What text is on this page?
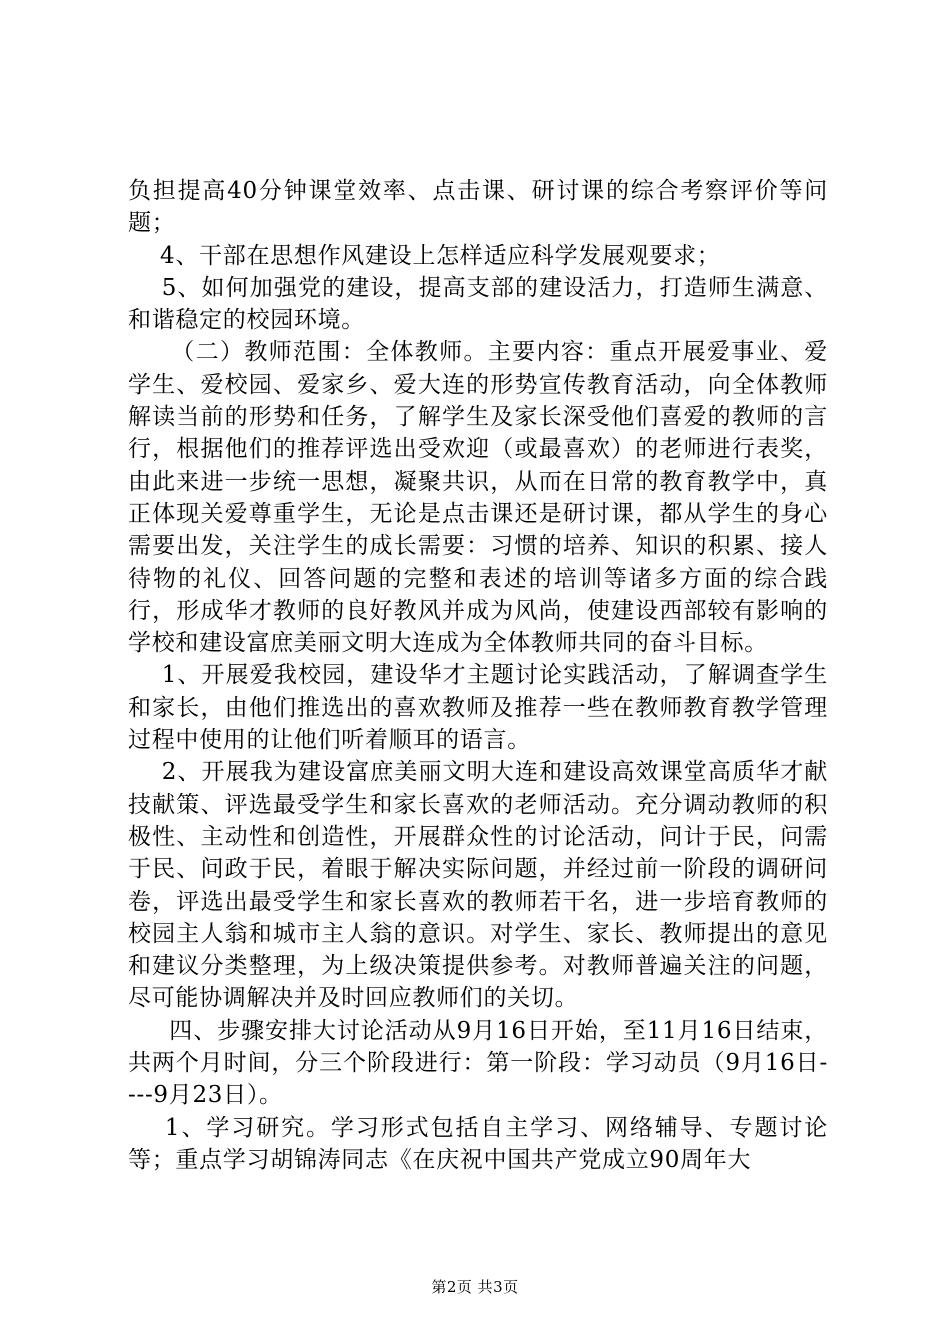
负担提高40分钟课堂效率、点击课、研讨课的综合考察评价等问题；

4、干部在思想作风建设上怎样适应科学发展观要求；

5、如何加强党的建设，提高支部的建设活力，打造师生满意、和谐稳定的校园环境。

（二）教师范围：全体教师。主要内容：重点开展爱事业、爱学生、爱校园、爱家乡、爱大连的形势宣传教育活动，向全体教师解读当前的形势和任务，了解学生及家长深受他们喜爱的教师的言行，根据他们的推荐评选出受欢迎（或最喜欢）的老师进行表奖，由此来进一步统一思想，凝聚共识，从而在日常的教育教学中，真正体现关爱尊重学生，无论是点击课还是研讨课，都从学生的身心需要出发，关注学生的成长需要：习惯的培养、知识的积累、接人待物的礼仪、回答问题的完整和表述的培训等诸多方面的综合践行，形成华才教师的良好教风并成为风尚，使建设西部较有影响的学校和建设富庶美丽文明大连成为全体教师共同的奋斗目标。

1、开展爱我校园，建设华才主题讨论实践活动，了解调查学生和家长，由他们推选出的喜欢教师及推荐一些在教师教育教学管理过程中使用的让他们听着顺耳的语言。

2、开展我为建设富庶美丽文明大连和建设高效课堂高质华才献技献策、评选最受学生和家长喜欢的老师活动。充分调动教师的积极性、主动性和创造性，开展群众性的讨论活动，问计于民，问需于民、问政于民，着眼于解决实际问题，并经过前一阶段的调研问卷，评选出最受学生和家长喜欢的教师若干名，进一步培育教师的校园主人翁和城市主人翁的意识。对学生、家长、教师提出的意见和建议分类整理，为上级决策提供参考。对教师普遍关注的问题，尽可能协调解决并及时回应教师们的关切。

四、步骤安排大讨论活动从9月16日开始，至11月16日结束，共两个月时间，分三个阶段进行：第一阶段：学习动员（9月16日----9月23日）。

1、学习研究。学习形式包括自主学习、网络辅导、专题讨论等；重点学习胡锦涛同志《在庆祝中国共产党成立90周年大

第2页 共3页
